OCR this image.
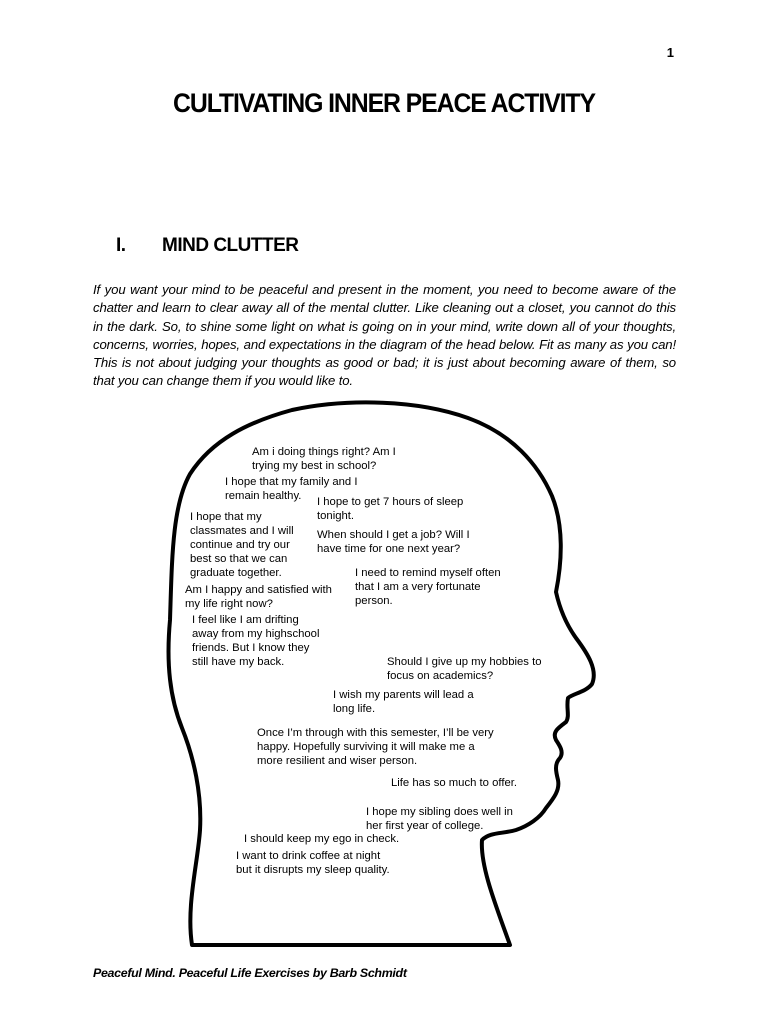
1
CULTIVATING INNER PEACE ACTIVITY
I. MIND CLUTTER

If you want your mind to be peaceful and present in the moment, you need to become aware of the chatter and learn to clear away all of the mental clutter. Like cleaning out a closet, you cannot do this in the dark. So, to shine some light on what is going on in your mind, write down all of your thoughts, concerns, worries, hopes, and expectations in the diagram of the head below. Fit as many as you can! This is not about judging your thoughts as good or bad; it is just about becoming aware of them, so that you can change them if you would like to.

Am i doing things right? Am I
trying my best in school?
I hope that my family and I
remain healthy.	I hope to get 7 hours of sleep
tonight.
I hope that my
classmates and I will
continue and try our
best so that we can
graduate together.
When should I get a job? Will I
have time for one next year?
I need to remind myself often
that I am a very fortunate
person.
Am I happy and satisfied with
my life right now?
I feel like I am drifting
away from my highschool
friends. But I know they
still have my back.	Should I give up my hobbies to
focus on academics?
I wish my parents will lead a
long life.
Once I’m through with this semester, I’ll be very
happy. Hopefully surviving it will make me a
more resilient and wiser person.
Life has so much to offer.
I hope my sibling does well in
her first year of college.
I should keep my ego in check.
I want to drink coffee at night
but it disrupts my sleep quality.
Peaceful Mind. Peaceful Life Exercises by Barb Schmidt
